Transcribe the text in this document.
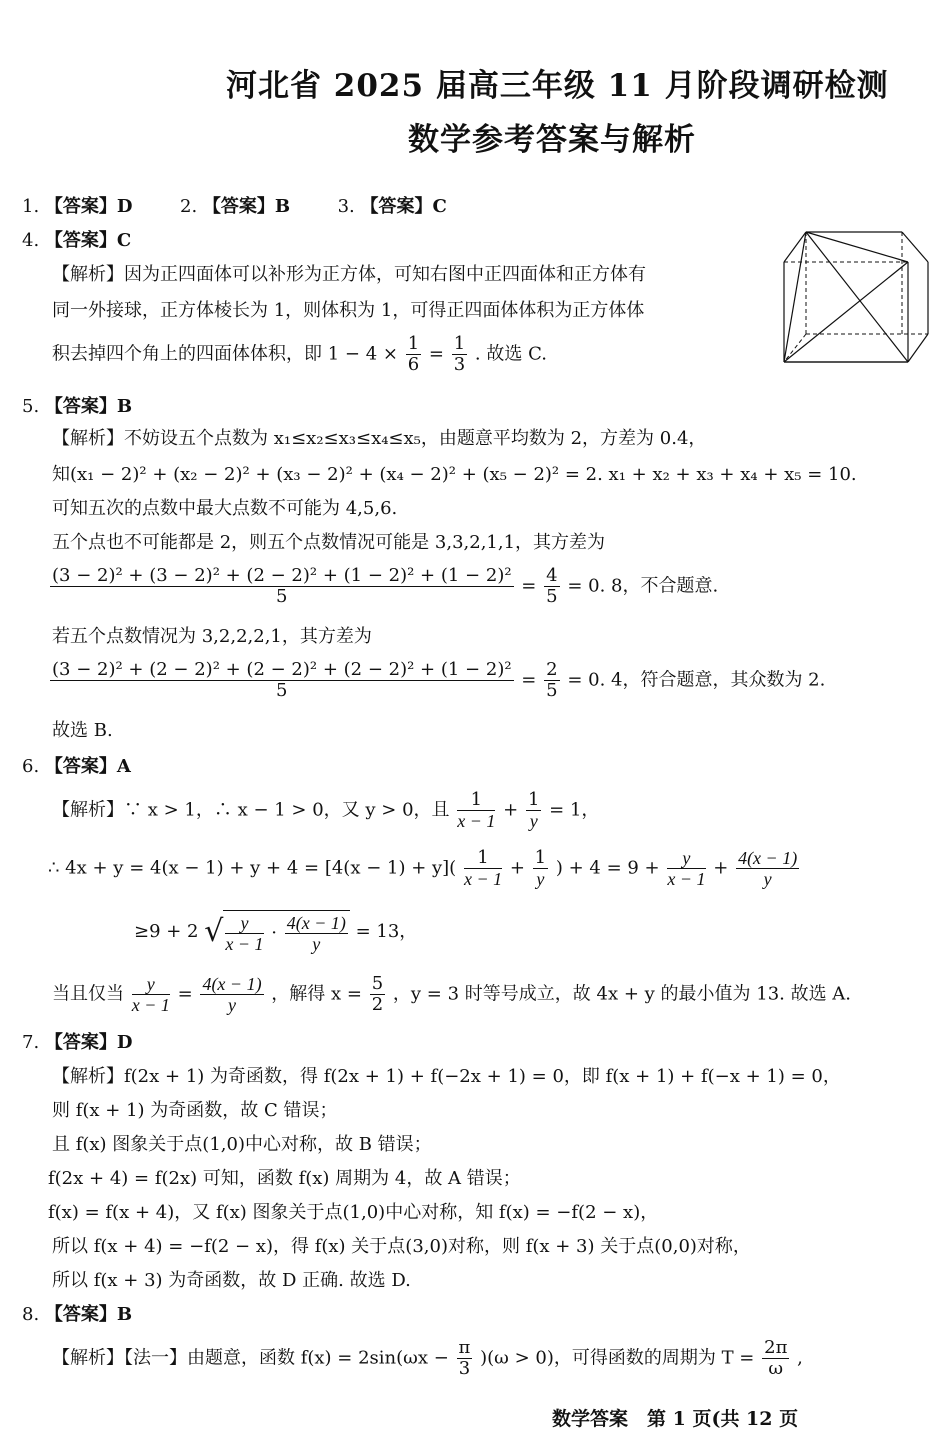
河北省 2025 届高三年级 11 月阶段调研检测
数学参考答案与解析
1. 【答案】D	2. 【答案】B	3. 【答案】C
4. 【答案】C
【解析】因为正四面体可以补形为正方体，可知右图中正四面体和正方体有
同一外接球，正方体棱长为 1，则体积为 1，可得正四面体体积为正方体体
积去掉四个角上的四面体体积，即 $1 - 4 \times \frac{1}{6} = \frac{1}{3}$ . 故选 C.
5. 【答案】B
【解析】不妨设五个点数为 x₁≤x₂≤x₃≤x₄≤x₅，由题意平均数为 2，方差为 0.4，
知(x₁ − 2)² + (x₂ − 2)² + (x₃ − 2)² + (x₄ − 2)² + (x₅ − 2)² = 2. x₁ + x₂ + x₃ + x₄ + x₅ = 10.
可知五次的点数中最大点数不可能为 4,5,6.
五个点也不可能都是 2，则五个点数情况可能是 3,3,2,1,1，其方差为
$\frac{\text{(3 − 2)² + (3 − 2)² + (2 − 2)² + (1 − 2)² + (1 − 2)²}}{5} = \frac{4}{5} = 0$. 8，不合题意.
若五个点数情况为 3,2,2,2,1，其方差为
$\frac{\text{(3 − 2)² + (2 − 2)² + (2 − 2)² + (2 − 2)² + (1 − 2)²}}{5} = \frac{2}{5} = 0$. 4，符合题意，其众数为 2.
故选 B.
6. 【答案】A
【解析】∵ x > 1，∴ x − 1 > 0，又 y > 0，且 $\frac{1}{x - 1} + \frac{1}{y} = 1$，
∴ $4x + y = 4(x - 1) + y + 4 = [4(x - 1) + y]( \frac{1}{x - 1} + \frac{1}{y}$ ) + $4 = 9 + \frac{y}{x - 1} + \frac{4(x - 1)}{y}$
≥9 + 2 √ $\frac{y}{x - 1} \cdot \frac{4(x - 1)}{y} = 13$，
当且仅当 $\frac{y}{x - 1} = \frac{4(x - 1)}{y}$ ，解得 $x = \frac{5}{2}$ ，y = 3 时等号成立，故 4x + y 的最小值为 13. 故选 A.
7. 【答案】D
【解析】f(2x + 1) 为奇函数，得 f(2x + 1) + f(−2x + 1) = 0，即 f(x + 1) + f(−x + 1) = 0，
则 f(x + 1) 为奇函数，故 C 错误；
且 f(x) 图象关于点(1,0)中心对称，故 B 错误；
f(2x + 4) = f(2x) 可知，函数 f(x) 周期为 4，故 A 错误；
f(x) = f(x + 4)，又 f(x) 图象关于点(1,0)中心对称，知 f(x) = −f(2 − x)，
所以 f(x + 4) = −f(2 − x)，得 f(x) 关于点(3,0)对称，则 f(x + 3) 关于点(0,0)对称，
所以 f(x + 3) 为奇函数，故 D 正确. 故选 D.
8. 【答案】B
【解析】【法一】由题意，函数 $f(x) = 2\sin(\omega x - \frac{\pi}{3} )(\omega > 0)$，可得函数的周期为 $T = \frac{2\pi}{\omega}$ ,
数学答案　第 1 页(共 12 页
